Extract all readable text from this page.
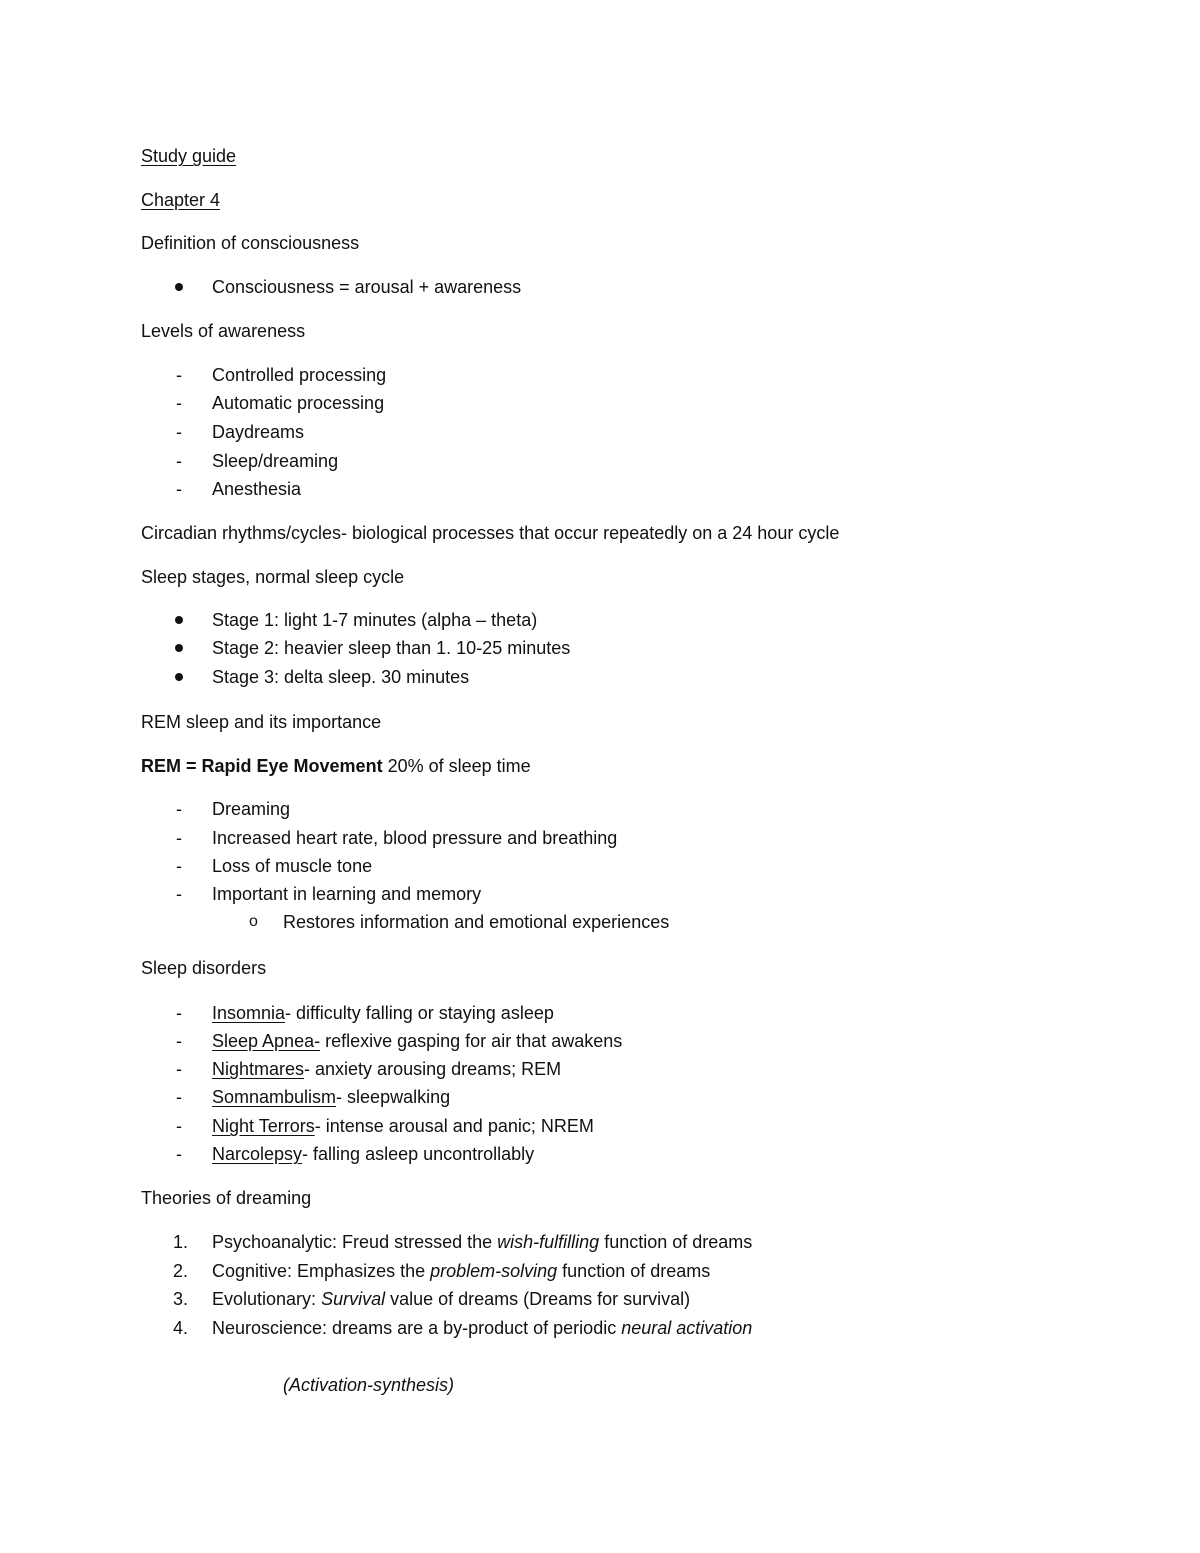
Study guide
Chapter 4
Definition of consciousness
Consciousness = arousal + awareness
Levels of awareness
- Controlled processing
- Automatic processing
- Daydreams
- Sleep/dreaming
- Anesthesia
Circadian rhythms/cycles- biological processes that occur repeatedly on a 24 hour cycle
Sleep stages, normal sleep cycle
Stage 1: light 1-7 minutes (alpha – theta)
Stage 2: heavier sleep than 1. 10-25 minutes
Stage 3: delta sleep. 30 minutes
REM sleep and its importance
REM = Rapid Eye Movement 20% of sleep time
- Dreaming
- Increased heart rate, blood pressure and breathing
- Loss of muscle tone
- Important in learning and memory
o Restores information and emotional experiences
Sleep disorders
- Insomnia- difficulty falling or staying asleep
- Sleep Apnea- reflexive gasping for air that awakens
- Nightmares- anxiety arousing dreams; REM
- Somnambulism- sleepwalking
- Night Terrors- intense arousal and panic; NREM
- Narcolepsy- falling asleep uncontrollably
Theories of dreaming
1. Psychoanalytic: Freud stressed the wish-fulfilling function of dreams
2. Cognitive: Emphasizes the problem-solving function of dreams
3. Evolutionary: Survival value of dreams (Dreams for survival)
4. Neuroscience: dreams are a by-product of periodic neural activation
(Activation-synthesis)
